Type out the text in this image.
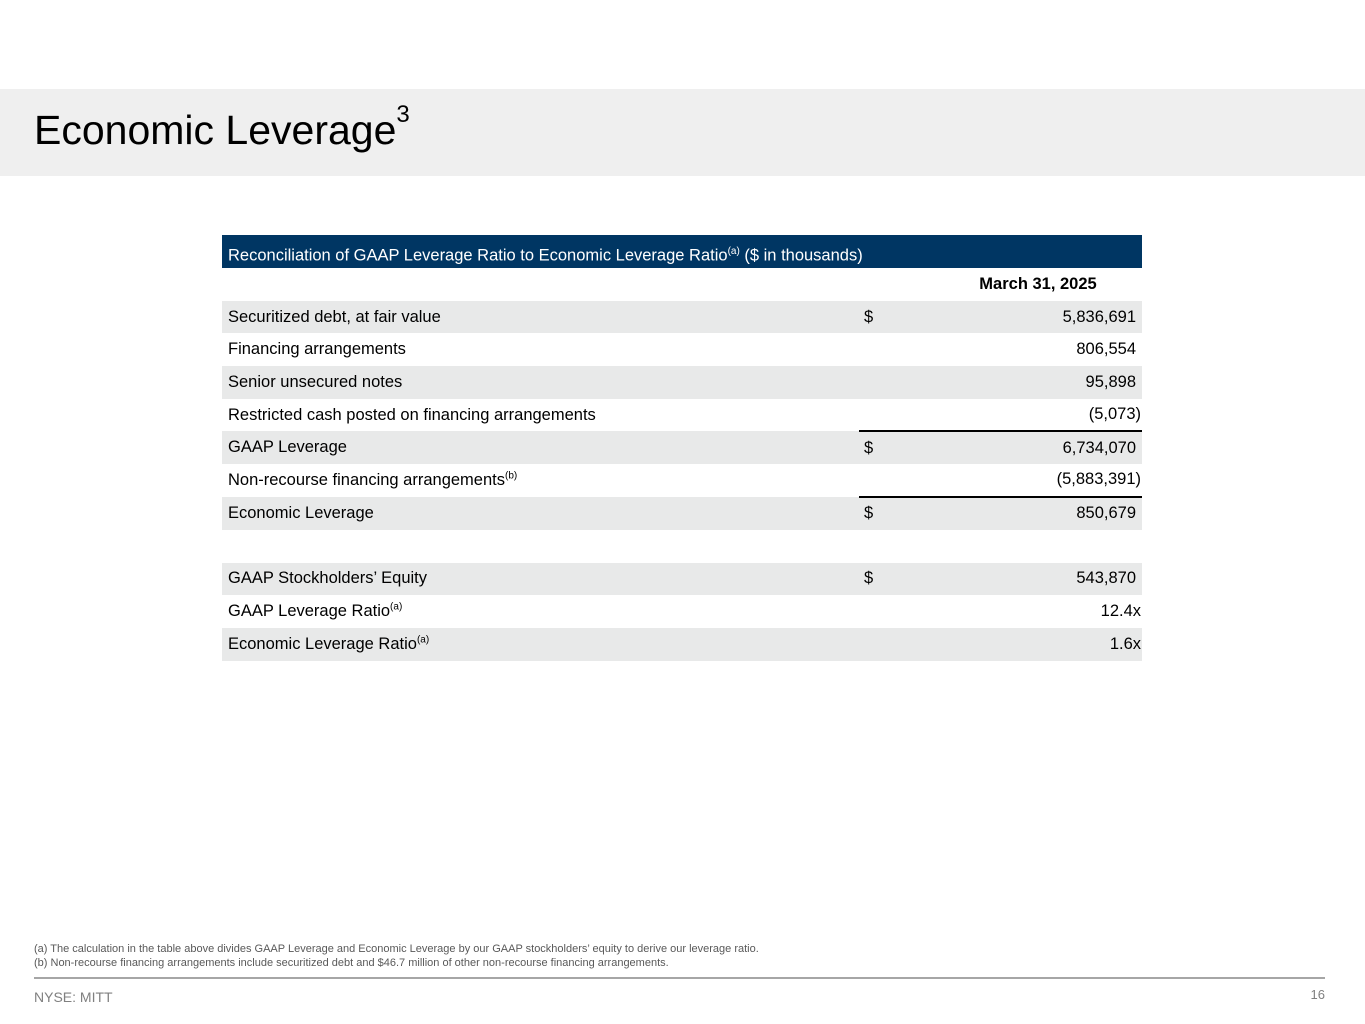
Economic Leverage$^3$
Reconciliation of GAAP Leverage Ratio to Economic Leverage Ratio$^{(a)}$ ($ in thousands)		
	March 31, 2025	
Securitized debt, at fair value	$	5,836,691
Financing arrangements		806,554
Senior unsecured notes		95,898
Restricted cash posted on financing arrangements		(5,073)
GAAP Leverage	$	6,734,070
Non-recourse financing arrangements$^{(b)}$		(5,883,391)
Economic Leverage	$	850,679

GAAP Stockholders’ Equity	$	543,870
GAAP Leverage Ratio$^{(a)}$		12.4x
Economic Leverage Ratio$^{(a)}$		1.6x

(a) The calculation in the table above divides GAAP Leverage and Economic Leverage by our GAAP stockholders’ equity to derive our leverage ratio.

(b) Non-recourse financing arrangements include securitized debt and $46.7 million of other non-recourse financing arrangements.

NYSE: MITT	16
